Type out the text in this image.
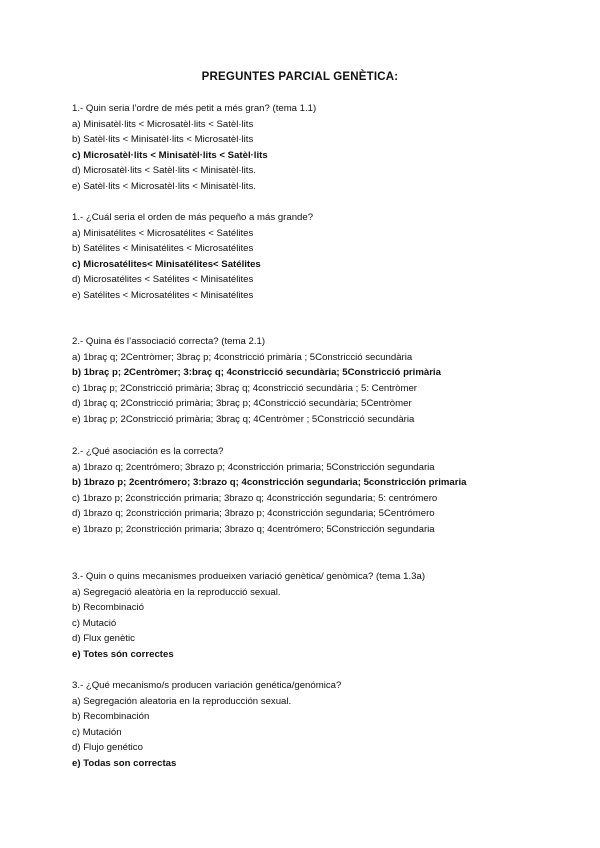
PREGUNTES PARCIAL GENÈTICA:
1.- Quin seria l’ordre de més petit a més gran? (tema 1.1)
a) Minisatèl·lits < Microsatèl·lits < Satèl·lits
b) Satèl·lits < Minisatèl·lits < Microsatèl·lits
c) Microsatèl·lits < Minisatèl·lits < Satèl·lits
d) Microsatèl·lits < Satèl·lits < Minisatèl·lits.
e) Satèl·lits < Microsatèl·lits < Minisatèl·lits.
1.- ¿Cuál seria el orden de más pequeño a más grande?
a) Minisatélites < Microsatélites < Satélites
b) Satélites < Minisatélites < Microsatélites
c) Microsatélites< Minisatélites< Satélites
d) Microsatélites < Satélites < Minisatélites
e) Satélites < Microsatélites < Minisatélites
2.- Quina és l’associació correcta? (tema 2.1)
a) 1braç q; 2Centròmer; 3braç p; 4constricció primària ; 5Constricció secundària
b) 1braç p; 2Centròmer; 3:braç q; 4constricció secundària; 5Constricció primària
c) 1braç p; 2Constricció primària; 3braç q; 4constricció secundària ; 5: Centròmer
d) 1braç q; 2Constricció primària; 3braç p; 4Constricció secundària; 5Centròmer
e) 1braç p; 2Constricció primària; 3braç q; 4Centròmer ; 5Constricció secundària
2.- ¿Qué asociación es la correcta?
a) 1brazo q; 2centrómero; 3brazo p; 4constricción primaria; 5Constricción segundaria
b) 1brazo p; 2centrómero; 3:brazo q; 4constricción segundaria; 5constricción primaria
c) 1brazo p; 2constricción primaria; 3brazo q; 4constricción segundaria; 5: centrómero
d) 1brazo q; 2constricción primaria; 3brazo p; 4constricción segundaria; 5Centrómero
e) 1brazo p; 2constricción primaria; 3brazo q; 4centrómero; 5Constricción segundaria
3.- Quin o quins mecanismes produeixen variació genètica/ genòmica? (tema 1.3a)
a) Segregació aleatòria en la reproducció sexual.
b) Recombinació
c) Mutació
d) Flux genètic
e) Totes són correctes
3.- ¿Qué mecanismo/s producen variación genética/genómica?
a) Segregación aleatoria en la reproducción sexual.
b) Recombinación
c) Mutación
d) Flujo genético
e) Todas son correctas
